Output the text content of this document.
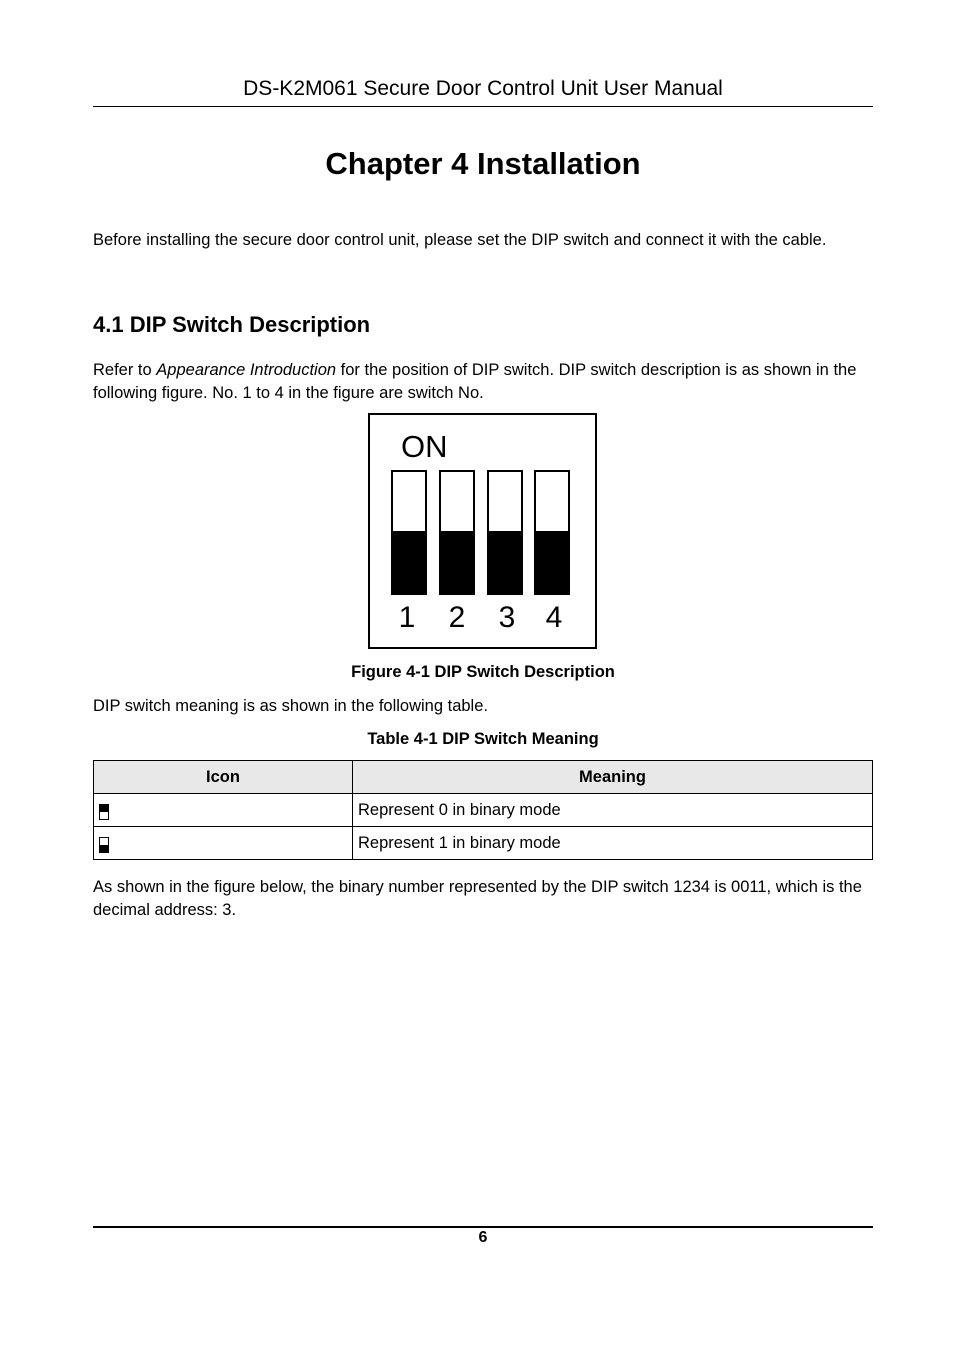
DS-K2M061 Secure Door Control Unit User Manual
Chapter 4 Installation
Before installing the secure door control unit, please set the DIP switch and connect it with the cable.
4.1 DIP Switch Description
Refer to Appearance Introduction for the position of DIP switch. DIP switch description is as shown in the following figure. No. 1 to 4 in the figure are switch No.
ON
1	2	3	4
Figure 4-1 DIP Switch Description
DIP switch meaning is as shown in the following table.
Table 4-1 DIP Switch Meaning
Icon	Meaning

	Represent 0 in binary mode

	Represent 1 in binary mode
As shown in the figure below, the binary number represented by the DIP switch 1234 is 0011, which is the decimal address: 3.
6
